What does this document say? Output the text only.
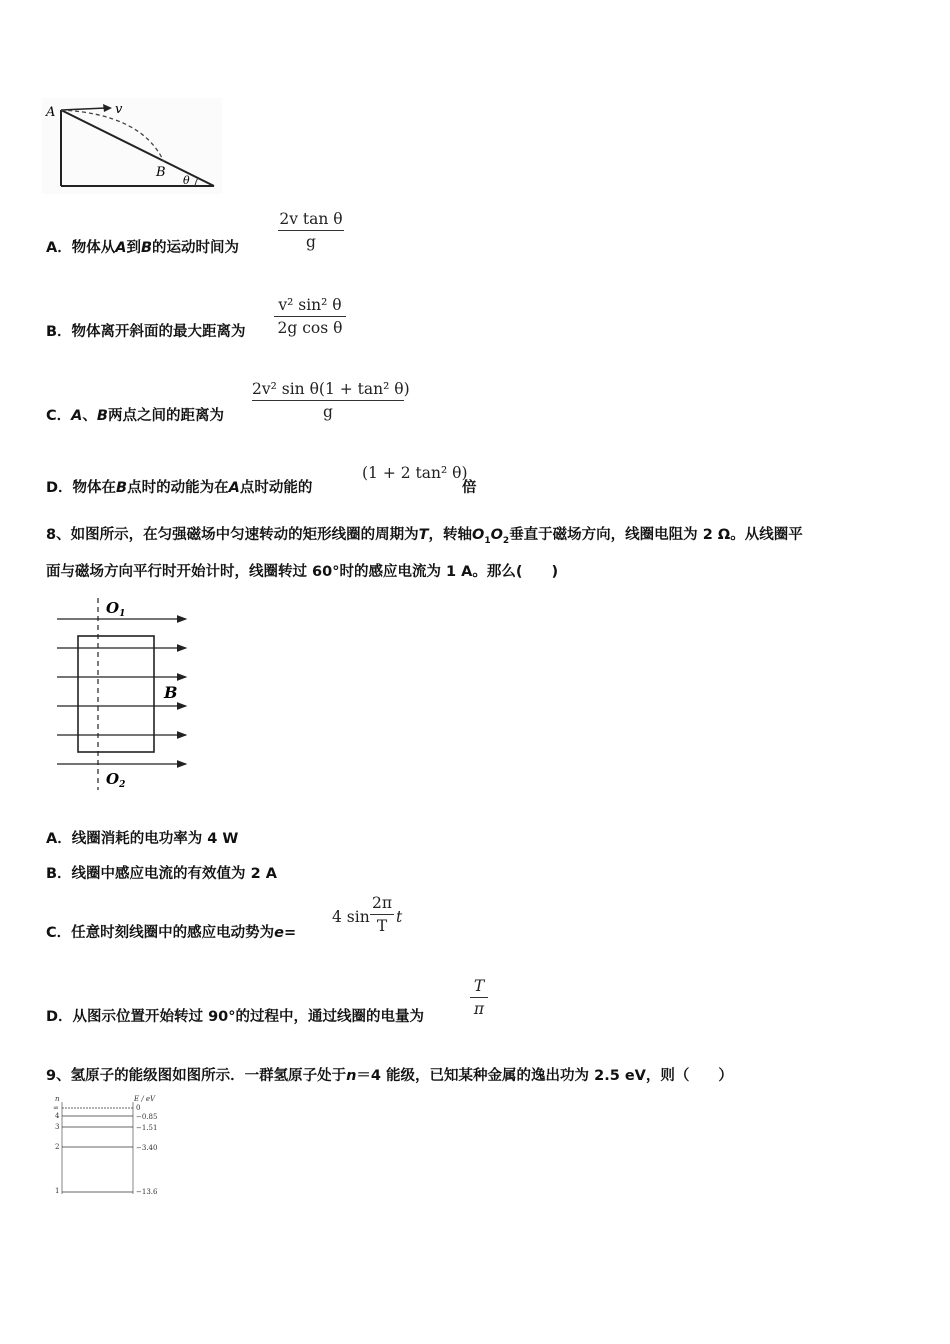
A	v
B
θ
A．物体从A到B的运动时间为
2v tan θ
g
B．物体离开斜面的最大距离为
v² sin² θ
2g cos θ
C．A、B两点之间的距离为
2v² sin θ(1 + tan² θ)
g
D．物体在B点时的动能为在A点时动能的
(1 + 2 tan² θ)
倍
8、如图所示，在匀强磁场中匀速转动的矩形线圈的周期为T，转轴$O_1O_2$垂直于磁场方向，线圈电阻为 2 Ω。从线圈平
面与磁场方向平行时开始计时，线圈转过 60°时的感应电流为 1 A。那么(　　)
$O_1$
B
$O_2$
A．线圈消耗的电功率为 4 W
B．线圈中感应电流的有效值为 2 A
C．任意时刻线圈中的感应电动势为e=
4 sin
2π
T t
D．从图示位置开始转过 90°的过程中，通过线圈的电量为
T
π
9、氢原子的能级图如图所示．一群氢原子处于n＝4 能级，已知某种金属的逸出功为 2.5 eV，则（　　）
n	E / eV
∞	0
4	−0.85
3	−1.51
2	−3.40
1	−13.6
